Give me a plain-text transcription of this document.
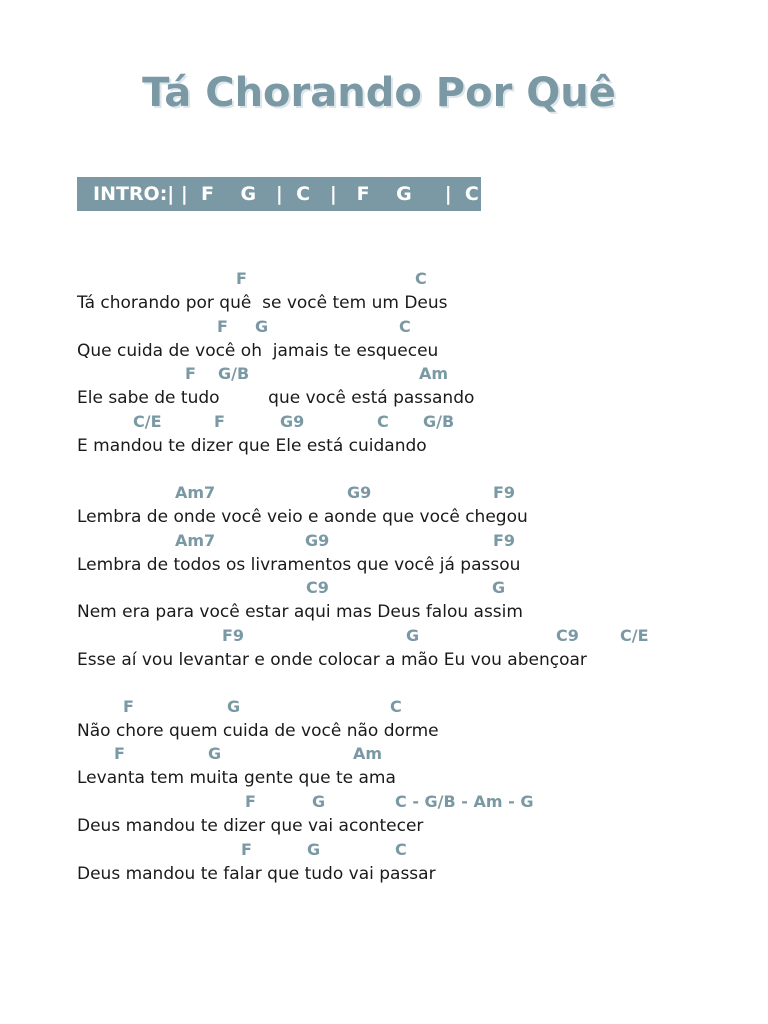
Tá Chorando Por Quê
INTRO:| |  F    G   |  C   |   F    G     |  C   | |
F	C
Tá chorando por quê  se você tem um Deus
F G	C
Que cuida de você oh  jamais te esqueceu
F G/B	Am
Ele sabe de tudo         que você está passando
C/E	F	G9	C G/B
E mandou te dizer que Ele está cuidando
Am7	G9	F9
Lembra de onde você veio e aonde que você chegou
Am7	G9	F9
Lembra de todos os livramentos que você já passou
C9	G
Nem era para você estar aqui mas Deus falou assim
F9	G	C9	C/E
Esse aí vou levantar e onde colocar a mão Eu vou abençoar
F	G	C
Não chore quem cuida de você não dorme
F	G	Am
Levanta tem muita gente que te ama
F	G	C - G/B - Am - G
Deus mandou te dizer que vai acontecer
F	G	C
Deus mandou te falar que tudo vai passar
